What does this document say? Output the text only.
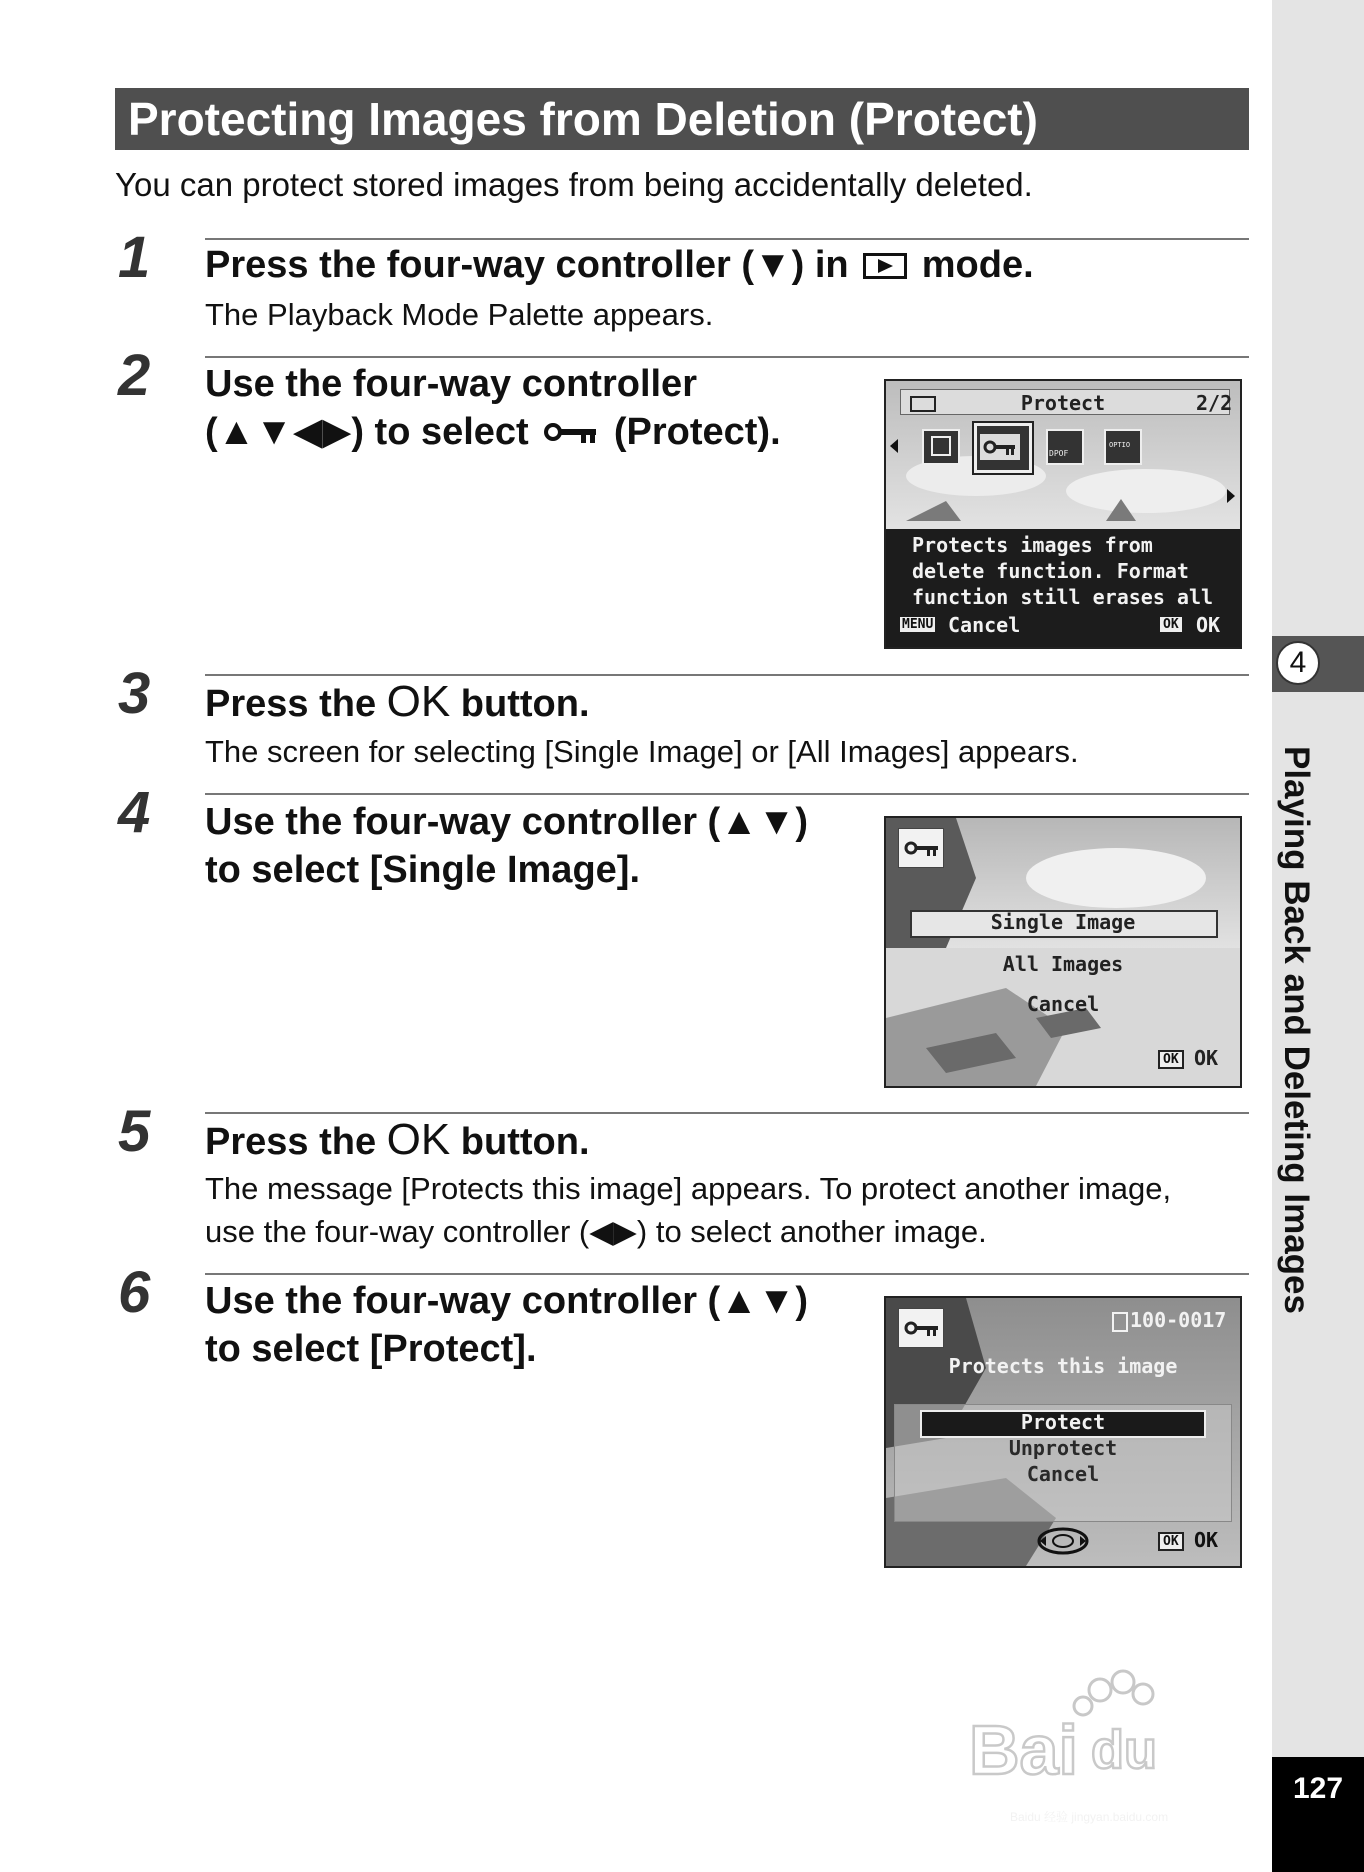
4
Playing Back and Deleting Images
127
Bai du
Baidu 经验 jingyan.baidu.com
Protecting Images from Deletion (Protect)
You can protect stored images from being accidentally deleted.
1 Press the four-way controller (▼) in mode.
The Playback Mode Palette appears.
2 Use the four-way controller
(▲▼◀▶) to select (Protect).
Protect	2/2
DPOF
OPTIO
Protects images from
delete function. Format
function still erases all
MENU Cancel	OK OK
3 Press the OK button.
The screen for selecting [Single Image] or [All Images] appears.
4 Use the four-way controller (▲▼)
to select [Single Image].
Single Image
All Images
Cancel
OK OK
5 Press the OK button.
The message [Protects this image] appears. To protect another image,
use the four-way controller (◀▶) to select another image.
6 Use the four-way controller (▲▼)
to select [Protect].
100-0017
Protects this image
Protect
Unprotect
Cancel
OK OK
